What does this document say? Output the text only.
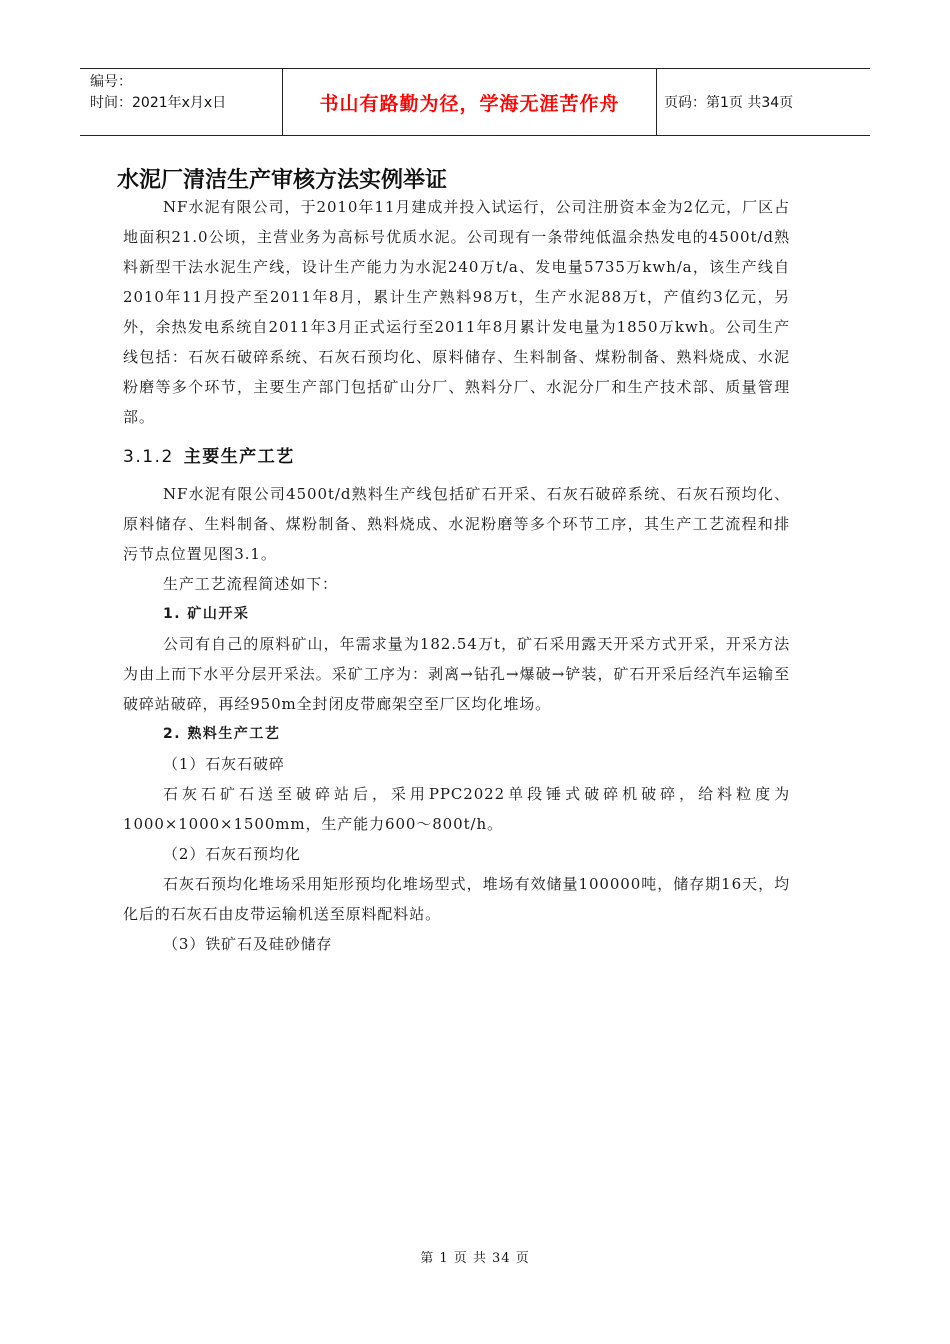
编号：
时间：2021年x月x日	书山有路勤为径，学海无涯苦作舟	页码：第1页 共34页
水泥厂清洁生产审核方法实例举证

NF水泥有限公司，于2010年11月建成并投入试运行，公司注册资本金为2亿元，厂区占地面积21.0公顷，主营业务为高标号优质水泥。公司现有一条带纯低温余热发电的4500t/d熟料新型干法水泥生产线，设计生产能力为水泥240万t/a、发电量5735万kwh/a，该生产线自2010年11月投产至2011年8月，累计生产熟料98万t，生产水泥88万t，产值约3亿元，另外，余热发电系统自2011年3月正式运行至2011年8月累计发电量为1850万kwh。公司生产线包括：石灰石破碎系统、石灰石预均化、原料储存、生料制备、煤粉制备、熟料烧成、水泥粉磨等多个环节，主要生产部门包括矿山分厂、熟料分厂、水泥分厂和生产技术部、质量管理部。

3.1.2 主要生产工艺

NF水泥有限公司4500t/d熟料生产线包括矿石开采、石灰石破碎系统、石灰石预均化、原料储存、生料制备、煤粉制备、熟料烧成、水泥粉磨等多个环节工序，其生产工艺流程和排污节点位置见图3.1。

生产工艺流程简述如下：

1. 矿山开采

公司有自己的原料矿山，年需求量为182.54万t，矿石采用露天开采方式开采，开采方法为由上而下水平分层开采法。采矿工序为：剥离→钻孔→爆破→铲装，矿石开采后经汽车运输至破碎站破碎，再经950m全封闭皮带廊架空至厂区均化堆场。

2. 熟料生产工艺

（1）石灰石破碎

石灰石矿石送至破碎站后，采用PPC2022单段锤式破碎机破碎，给料粒度为1000×1000×1500mm，生产能力600～800t/h。

（2）石灰石预均化

石灰石预均化堆场采用矩形预均化堆场型式，堆场有效储量100000吨，储存期16天，均化后的石灰石由皮带运输机送至原料配料站。

（3）铁矿石及硅砂储存

第 1 页 共 34 页
